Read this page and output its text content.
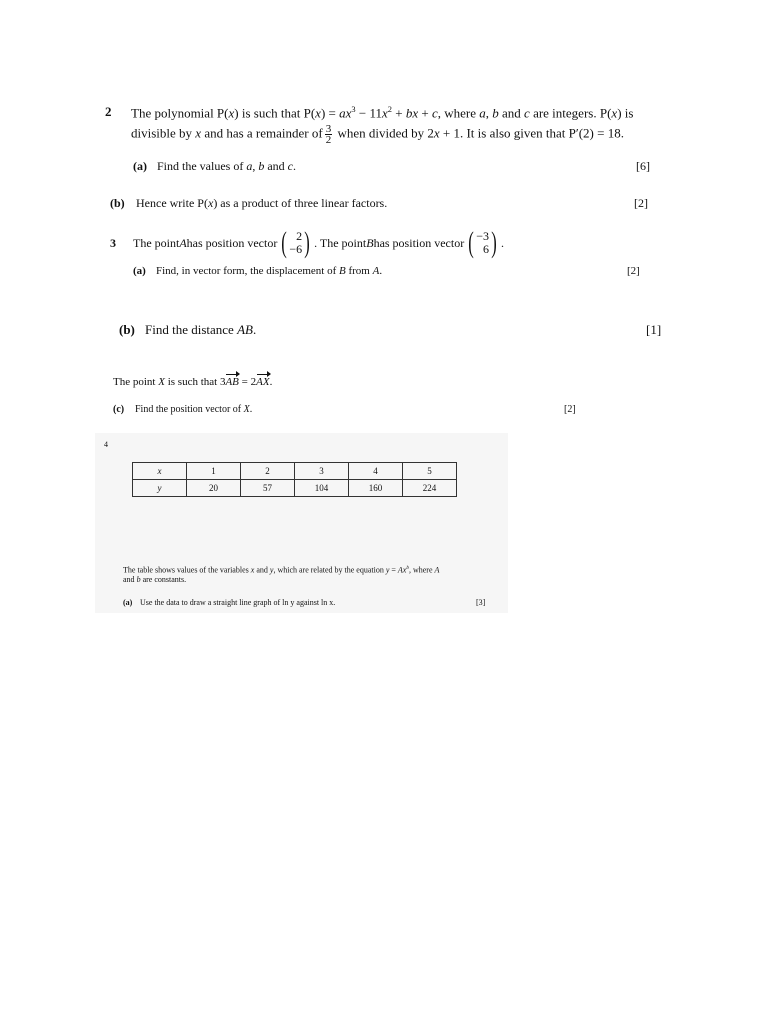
2 The polynomial P(x) is such that $P(x) = ax^3 - 11x^2$ + bx + c, where a, b and c are integers. P(x) is
divisible by x and has a remainder of $\frac{3}{2}$ when divided by 2x + 1. It is also given that P′(2) = 18.
(a) Find the values of a, b and c.	[6]
(b) Hence write P(x) as a product of three linear factors.	[2]
3 The point A has position vector ( 2
−6 ) . The point B has position vector ( −3
6 ) .
(a) Find, in vector form, the displacement of B from A.	[2]
(b) Find the distance AB.	[1]
The point X is such that 3AB = 2AX.
(c) Find the position vector of X.	[2]
4
x	1	2	3	4	5
y	20	57	104	160	224
The table shows values of the variables x and y, which are related by the equation $y = Ax^b$, where A
and b are constants.
(a) Use the data to draw a straight line graph of ln y against ln x.	[3]
